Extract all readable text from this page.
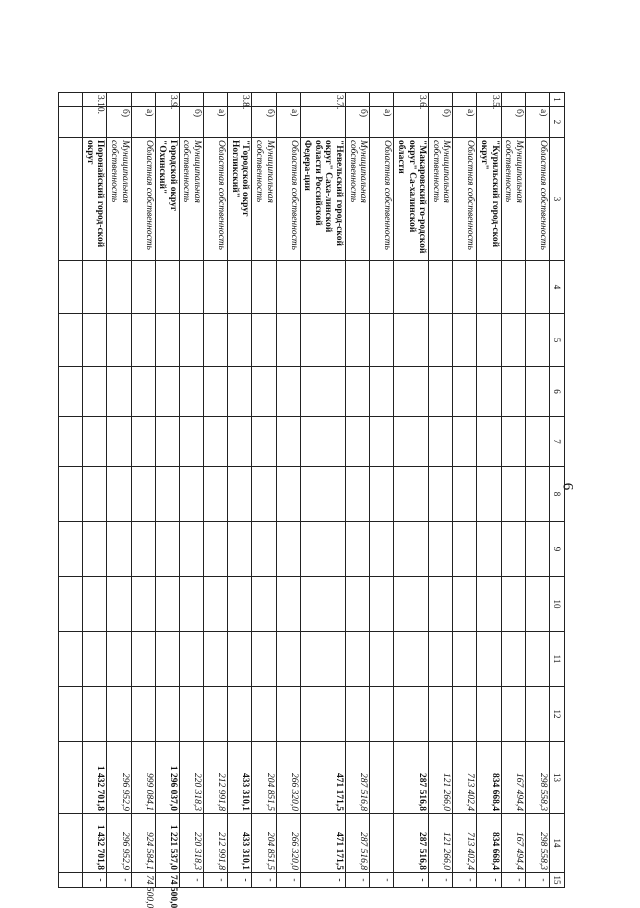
6
1	2	3	4	5	6	7	8	9	10	11	12	13	14	15
	а)	Областная собственность										298 558,3	298 558,3	-
	б)	Муниципальная собственность										167 494,4	167 494,4	-
3.5.		"Курильский город-ской округ"										834 668,4	834 668,4	-
	а)	Областная собственность										713 402,4	713 402,4	-
	б)	Муниципальная собственность										121 266,0	121 266,0	-
3.6.		"Макаровский го-родской округ" Са-халинской области										287 516,8	287 516,8	-
	а)	Областная собственность												-
	б)	Муниципальная собственность										287 516,8	287 516,8	-
3.7.		"Невельский город-ской округ" Саха-линской области Российской Федера-ции										471 171,5	471 171,5	-
	а)	Областная собственность										266 320,0	266 320,0	-
	б)	Муниципальная собственность										204 851,5	204 851,5	-
3.8.		"Городской округ Ногликский"										433 310,1	433 310,1	-
	а)	Областная собственность										212 991,8	212 991,8	-
	б)	Муниципальная собственность										220 318,3	220 318,3	-
3.9.		Городской округ "Охинский"										1 296 037,0	1 221 537,0	74 500,0
	а)	Областная собственность										999 084,1	924 584,1	74 500,0
	б)	Муниципальная собственность										296 952,9	296 952,9	-
3.10.		Поронайский город-ской округ										1 432 701,8	1 432 701,8	-
